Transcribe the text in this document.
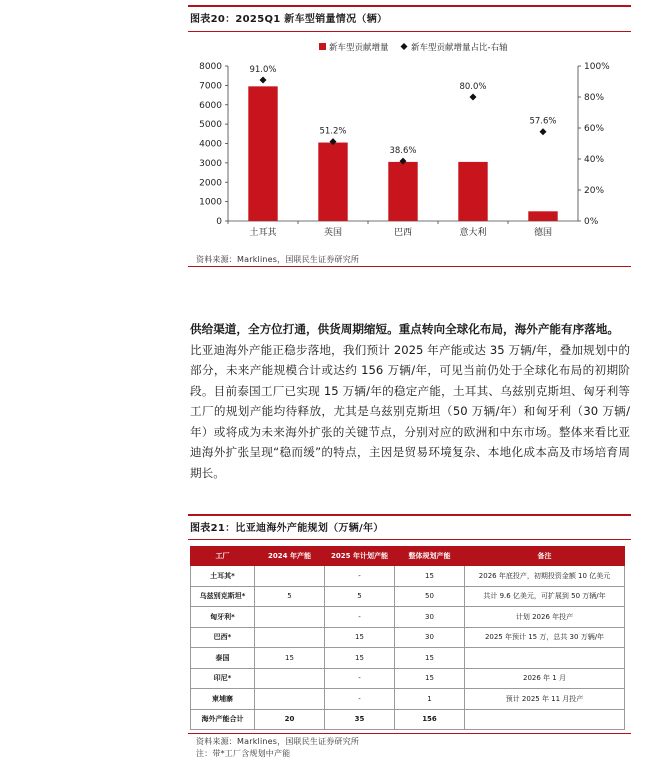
图表20：2025Q1 新车型销量情况（辆）
新车型贡献增量	新车型贡献增量占比-右轴
0
1000
2000
3000
4000
5000
6000
7000
8000
0%
20%
40%
60%
80%
100%
土耳其	英国	巴西	意大利	德国
91.0%
51.2%
38.6%
80.0%
57.6%
资料来源：Marklines，国联民生证券研究所
供给渠道，全方位打通，供货周期缩短。重点转向全球化布局，海外产能有序落地。
比亚迪海外产能正稳步落地，我们预计 2025 年产能或达 35 万辆/年，叠加规划中的部分，未来产能规模合计或达约 156 万辆/年，可见当前仍处于全球化布局的初期阶段。目前泰国工厂已实现 15 万辆/年的稳定产能，土耳其、乌兹别克斯坦、匈牙利等工厂的规划产能均待释放，尤其是乌兹别克斯坦（50 万辆/年）和匈牙利（30 万辆/年）或将成为未来海外扩张的关键节点，分别对应的欧洲和中东市场。整体来看比亚迪海外扩张呈现“稳而缓”的特点，主因是贸易环境复杂、本地化成本高及市场培育周期长。
图表21：比亚迪海外产能规划（万辆/年）
工厂	2024 年产能	2025 年计划产能	整体规划产能	备注
土耳其*		-	15	2026 年底投产，初期投资金额 10 亿美元
乌兹别克斯坦*	5	5	50	共计 9.6 亿美元，可扩展到 50 万辆/年
匈牙利*		-	30	计划 2026 年投产
巴西*		15	30	2025 年预计 15 万，总共 30 万辆/年
泰国	15	15	15	
印尼*		-	15	2026 年 1 月
柬埔寨		-	1	预计 2025 年 11 月投产
海外产能合计	20	35	156	
资料来源：Marklines，国联民生证券研究所
注：带*工厂含规划中产能
